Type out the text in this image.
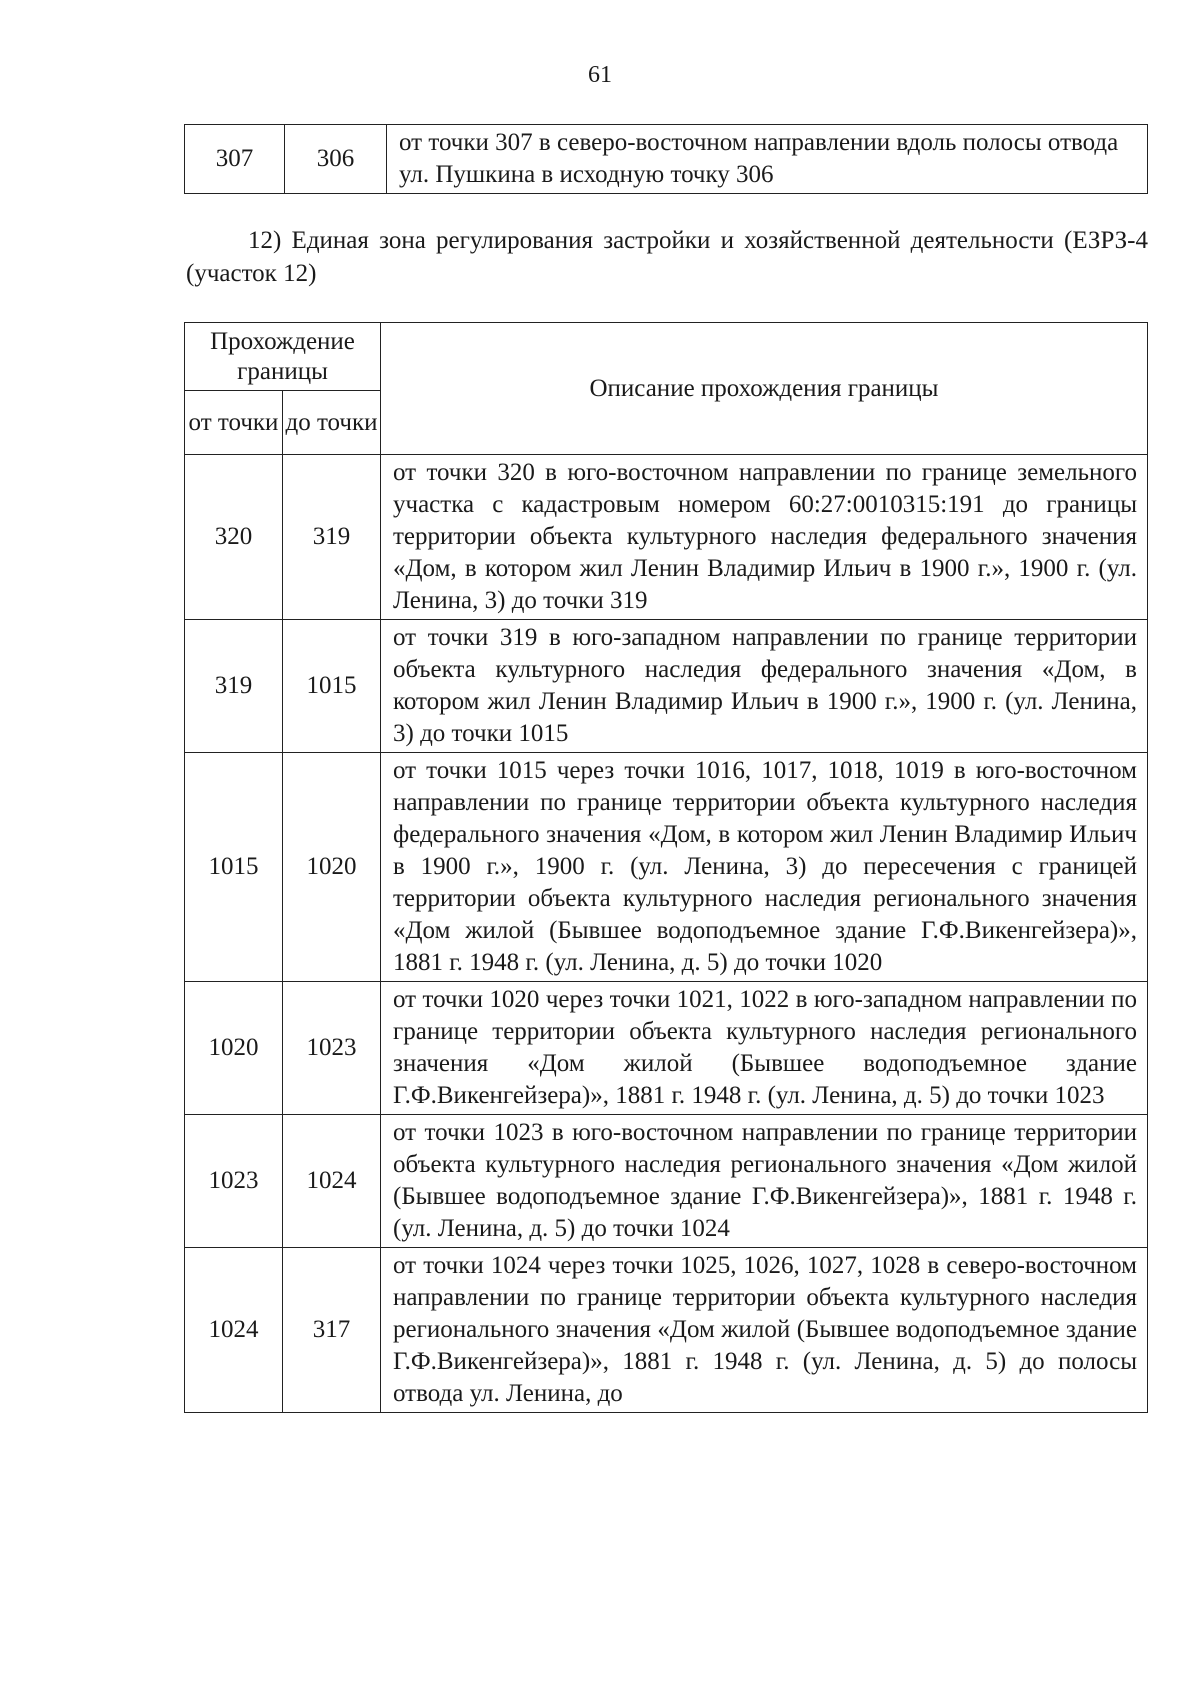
61
307	306	от точки 307 в северо-восточном направлении вдоль полосы отвода ул. Пушкина в исходную точку 306
12) Единая зона регулирования застройки и хозяйственной деятельности (ЕЗРЗ-4 (участок 12)
Прохождение границы		Описание прохождения границы
от точки	до точки	
320	319	от точки 320 в юго-восточном направлении по границе земельного участка с кадастровым номером 60:27:0010315:191 до границы территории объекта культурного наследия федерального значения «Дом, в котором жил Ленин Владимир Ильич в 1900 г.», 1900 г. (ул. Ленина, 3) до точки 319
319	1015	от точки 319 в юго-западном направлении по границе территории объекта культурного наследия федерального значения «Дом, в котором жил Ленин Владимир Ильич в 1900 г.», 1900 г. (ул. Ленина, 3) до точки 1015
1015	1020	от точки 1015 через точки 1016, 1017, 1018, 1019 в юго-восточном направлении по границе территории объекта культурного наследия федерального значения «Дом, в котором жил Ленин Владимир Ильич в 1900 г.», 1900 г. (ул. Ленина, 3) до пересечения с границей территории объекта культурного наследия регионального значения «Дом жилой (Бывшее водоподъемное здание Г.Ф.Викенгейзера)», 1881 г. 1948 г. (ул. Ленина, д. 5) до точки 1020
1020	1023	от точки 1020 через точки 1021, 1022 в юго-западном направлении по границе территории объекта культурного наследия регионального значения «Дом жилой (Бывшее водоподъемное здание Г.Ф.Викенгейзера)», 1881 г. 1948 г. (ул. Ленина, д. 5) до точки 1023
1023	1024	от точки 1023 в юго-восточном направлении по границе территории объекта культурного наследия регионального значения «Дом жилой (Бывшее водоподъемное здание Г.Ф.Викенгейзера)», 1881 г. 1948 г. (ул. Ленина, д. 5) до точки 1024
1024	317	от точки 1024 через точки 1025, 1026, 1027, 1028 в северо-восточном направлении по границе территории объекта культурного наследия регионального значения «Дом жилой (Бывшее водоподъемное здание Г.Ф.Викенгейзера)», 1881 г. 1948 г. (ул. Ленина, д. 5) до полосы отвода ул. Ленина, до
